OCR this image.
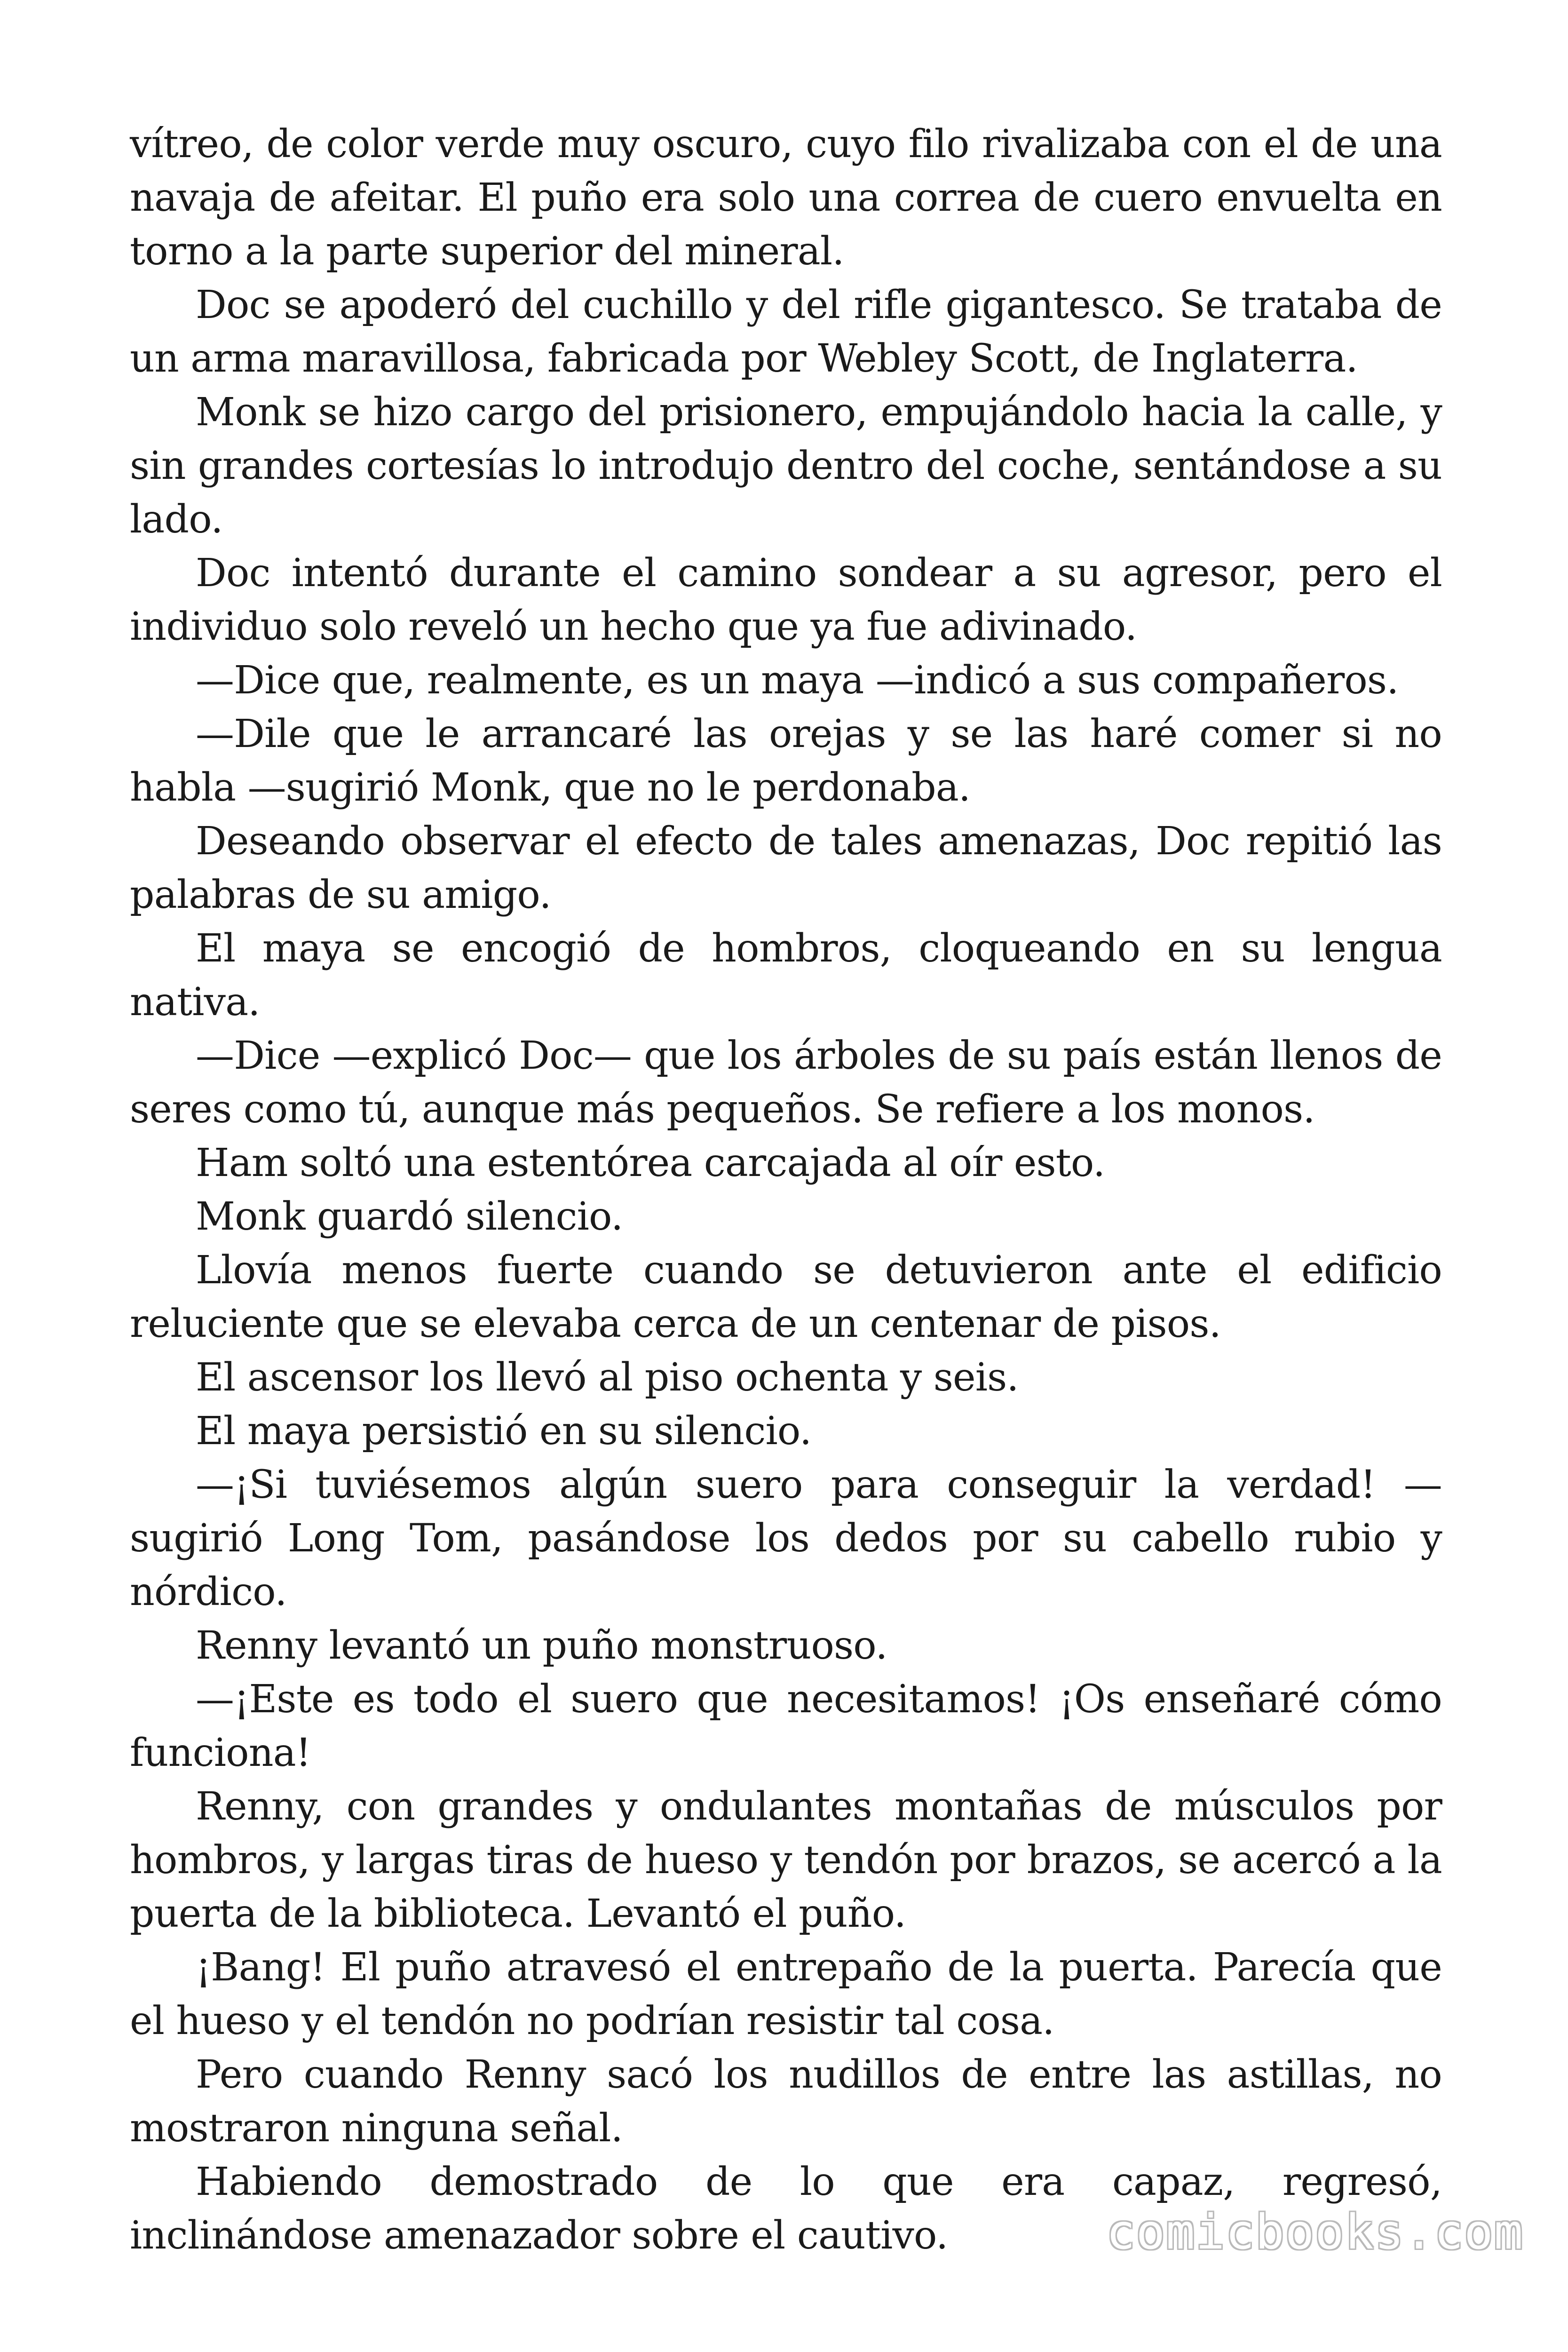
vítreo, de color verde muy oscuro, cuyo filo rivalizaba con el de una navaja de afeitar. El puño era solo una correa de cuero envuelta en torno a la parte superior del mineral.

Doc se apoderó del cuchillo y del rifle gigantesco. Se trataba de un arma maravillosa, fabricada por Webley Scott, de Inglaterra.

Monk se hizo cargo del prisionero, empujándolo hacia la calle, y sin grandes cortesías lo introdujo dentro del coche, sentándose a su lado.

Doc intentó durante el camino sondear a su agresor, pero el individuo solo reveló un hecho que ya fue adivinado.

—Dice que, realmente, es un maya —indicó a sus compañeros.

—Dile que le arrancaré las orejas y se las haré comer si no habla —sugirió Monk, que no le perdonaba.

Deseando observar el efecto de tales amenazas, Doc repitió las palabras de su amigo.

El maya se encogió de hombros, cloqueando en su lengua nativa.

—Dice —explicó Doc— que los árboles de su país están llenos de seres como tú, aunque más pequeños. Se refiere a los monos.

Ham soltó una estentórea carcajada al oír esto.

Monk guardó silencio.

Llovía menos fuerte cuando se detuvieron ante el edificio reluciente que se elevaba cerca de un centenar de pisos.

El ascensor los llevó al piso ochenta y seis.

El maya persistió en su silencio.

—¡Si tuviésemos algún suero para conseguir la verdad! —sugirió Long Tom, pasándose los dedos por su cabello rubio y nórdico.

Renny levantó un puño monstruoso.

—¡Este es todo el suero que necesitamos! ¡Os enseñaré cómo funciona!

Renny, con grandes y ondulantes montañas de músculos por hombros, y largas tiras de hueso y tendón por brazos, se acercó a la puerta de la biblioteca. Levantó el puño.

¡Bang! El puño atravesó el entrepaño de la puerta. Parecía que el hueso y el tendón no podrían resistir tal cosa.

Pero cuando Renny sacó los nudillos de entre las astillas, no mostraron ninguna señal.

Habiendo demostrado de lo que era capaz, regresó, inclinándose amenazador sobre el cautivo.	comicbooks.com
